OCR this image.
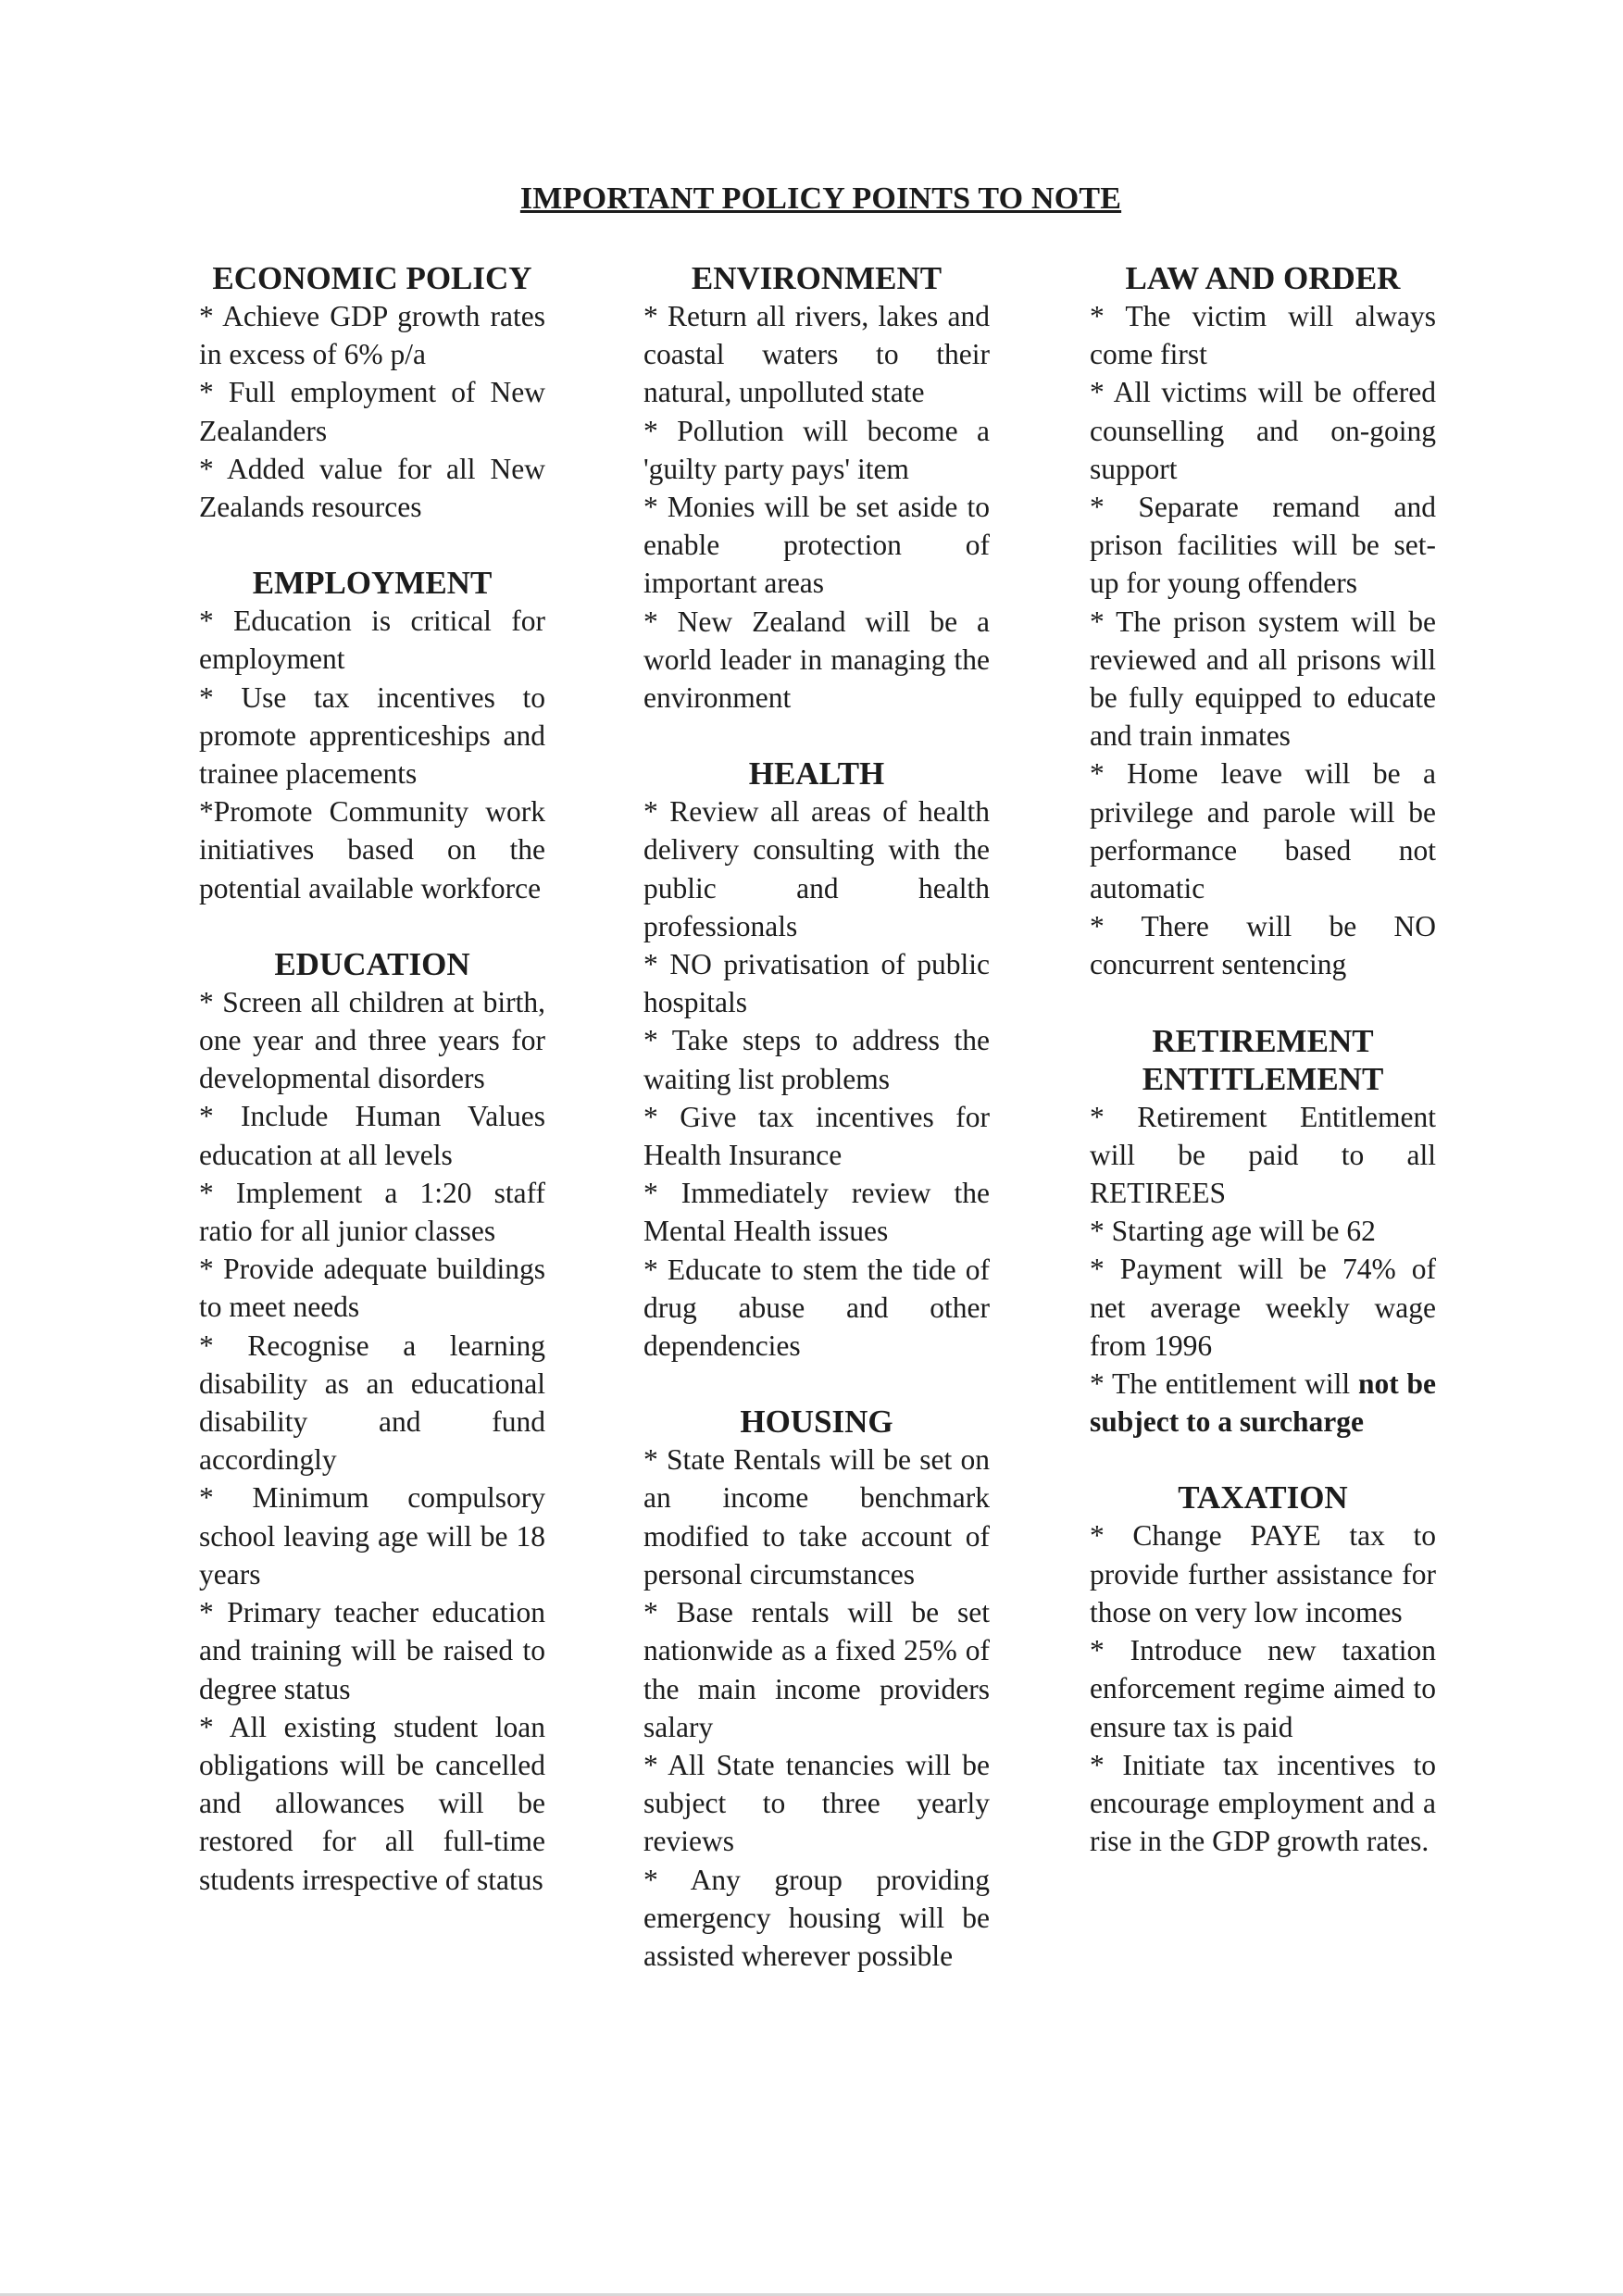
IMPORTANT POLICY POINTS TO NOTE
ECONOMIC POLICY

* Achieve GDP growth rates in excess of 6% p/a

* Full employment of New Zealanders

* Added value for all New Zealands resources

EMPLOYMENT

* Education is critical for employment

* Use tax incentives to promote apprenticeships and trainee placements

*Promote Community work initiatives based on the potential available workforce

EDUCATION

* Screen all children at birth, one year and three years for developmental disorders

* Include Human Values education at all levels

* Implement a 1:20 staff ratio for all junior classes

* Provide adequate buildings to meet needs

* Recognise a learning disability as an educational disability and fund accordingly

* Minimum compulsory school leaving age will be 18 years

* Primary teacher education and training will be raised to degree status

* All existing student loan obligations will be cancelled and allowances will be restored for all full-time students irrespective of status

ENVIRONMENT

* Return all rivers, lakes and coastal waters to their natural, unpolluted state

* Pollution will become a 'guilty party pays' item

* Monies will be set aside to enable protection of important areas

* New Zealand will be a world leader in managing the environment

HEALTH

* Review all areas of health delivery consulting with the public and health professionals

* NO privatisation of public hospitals

* Take steps to address the waiting list problems

* Give tax incentives for Health Insurance

* Immediately review the Mental Health issues

* Educate to stem the tide of drug abuse and other dependencies

HOUSING

* State Rentals will be set on an income benchmark modified to take account of personal circumstances

* Base rentals will be set nationwide as a fixed 25% of the main income providers salary

* All State tenancies will be subject to three yearly reviews

* Any group providing emergency housing will be assisted wherever possible

LAW AND ORDER

* The victim will always come first

* All victims will be offered counselling and on-going support

* Separate remand and prison facilities will be set-up for young offenders

* The prison system will be reviewed and all prisons will be fully equipped to educate and train inmates

* Home leave will be a privilege and parole will be performance based not automatic

* There will be NO concurrent sentencing

RETIREMENT
ENTITLEMENT

* Retirement Entitlement will be paid to all RETIREES

* Starting age will be 62

* Payment will be 74% of net average weekly wage from 1996

* The entitlement will not be subject to a surcharge

TAXATION

* Change PAYE tax to provide further assistance for those on very low incomes

* Introduce new taxation enforcement regime aimed to ensure tax is paid

* Initiate tax incentives to encourage employment and a rise in the GDP growth rates.
